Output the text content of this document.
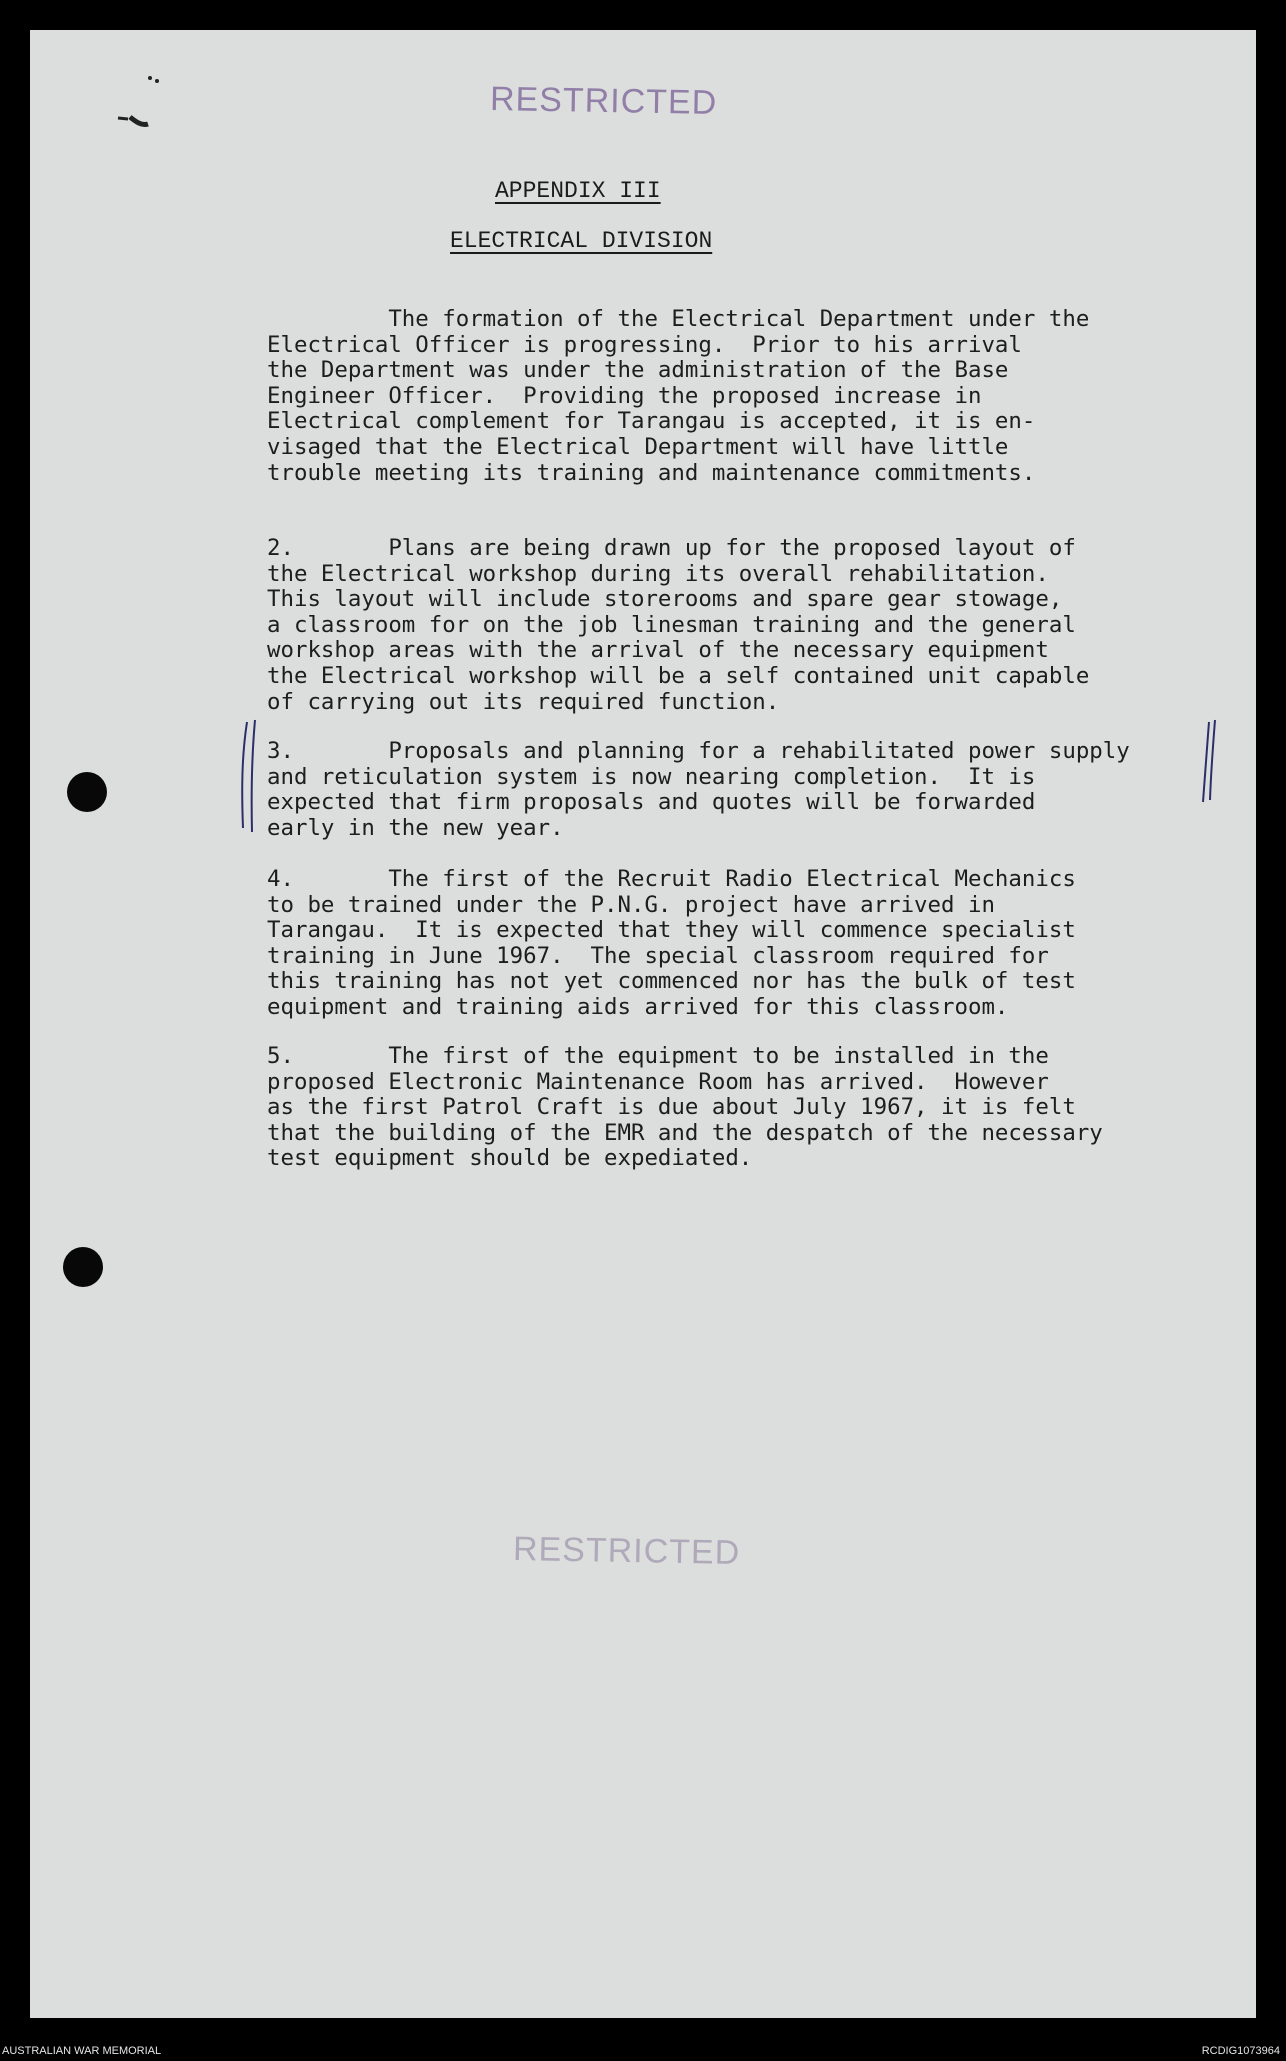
RESTRICTED
APPENDIX III
ELECTRICAL DIVISION
The formation of the Electrical Department under the
Electrical Officer is progressing.  Prior to his arrival
the Department was under the administration of the Base
Engineer Officer.  Providing the proposed increase in
Electrical complement for Tarangau is accepted, it is en-
visaged that the Electrical Department will have little
trouble meeting its training and maintenance commitments.
2.       Plans are being drawn up for the proposed layout of
the Electrical workshop during its overall rehabilitation.
This layout will include storerooms and spare gear stowage,
a classroom for on the job linesman training and the general
workshop areas with the arrival of the necessary equipment
the Electrical workshop will be a self contained unit capable
of carrying out its required function.
3.       Proposals and planning for a rehabilitated power supply
and reticulation system is now nearing completion.  It is
expected that firm proposals and quotes will be forwarded
early in the new year.
4.       The first of the Recruit Radio Electrical Mechanics
to be trained under the P.N.G. project have arrived in
Tarangau.  It is expected that they will commence specialist
training in June 1967.  The special classroom required for
this training has not yet commenced nor has the bulk of test
equipment and training aids arrived for this classroom.
5.       The first of the equipment to be installed in the
proposed Electronic Maintenance Room has arrived.  However
as the first Patrol Craft is due about July 1967, it is felt
that the building of the EMR and the despatch of the necessary
test equipment should be expediated.
RESTRICTED
AUSTRALIAN WAR MEMORIAL	RCDIG1073964
